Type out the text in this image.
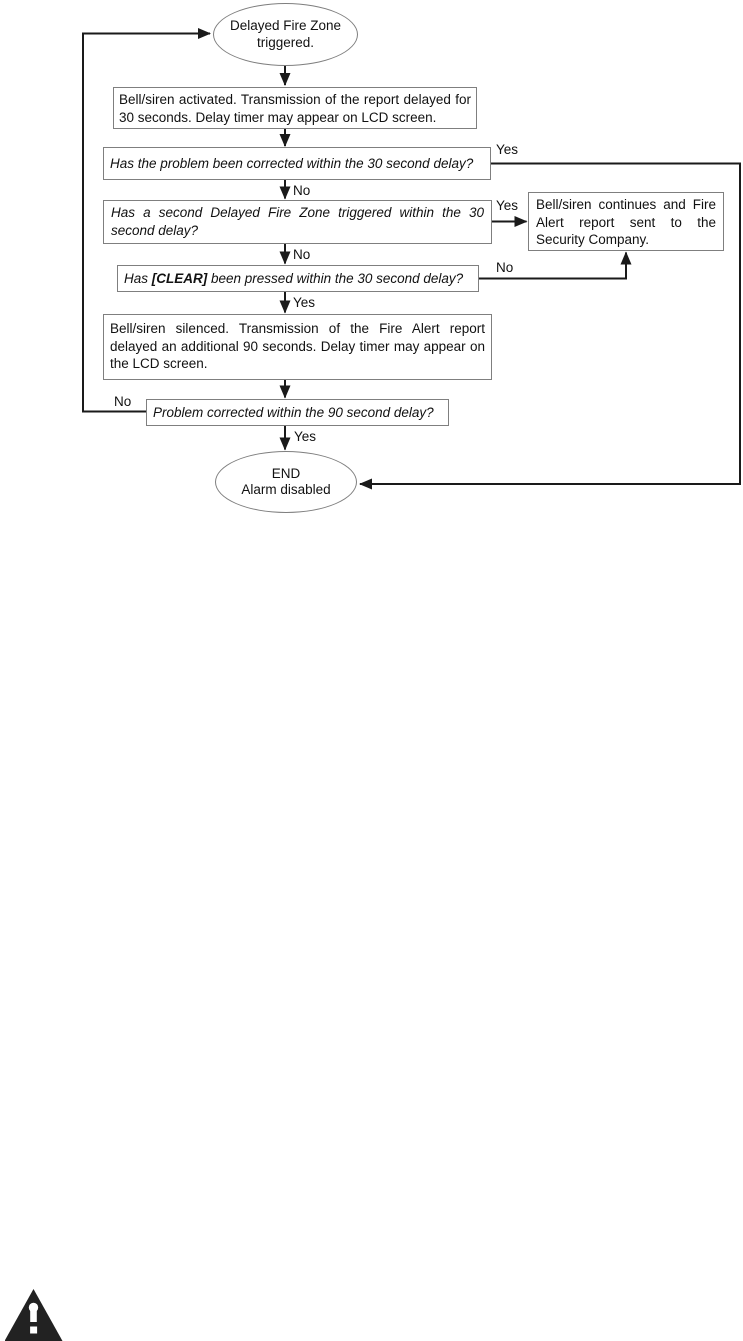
Delayed Fire Zone
triggered.
Bell/siren activated. Transmission of the report delayed for 30 seconds. Delay timer may appear on LCD screen.
Has the problem been corrected within the 30 second delay?
Has a second Delayed Fire Zone triggered within the 30 second delay?
Bell/siren continues and Fire Alert report sent to the Security Company.
Has [CLEAR] been pressed within the 30 second delay?
Bell/siren silenced. Transmission of the Fire Alert report delayed an additional 90 seconds. Delay timer may appear on the LCD screen.
Problem corrected within the 90 second delay?
END
Alarm disabled
Yes
No
Yes
No
No
Yes
No
Yes
